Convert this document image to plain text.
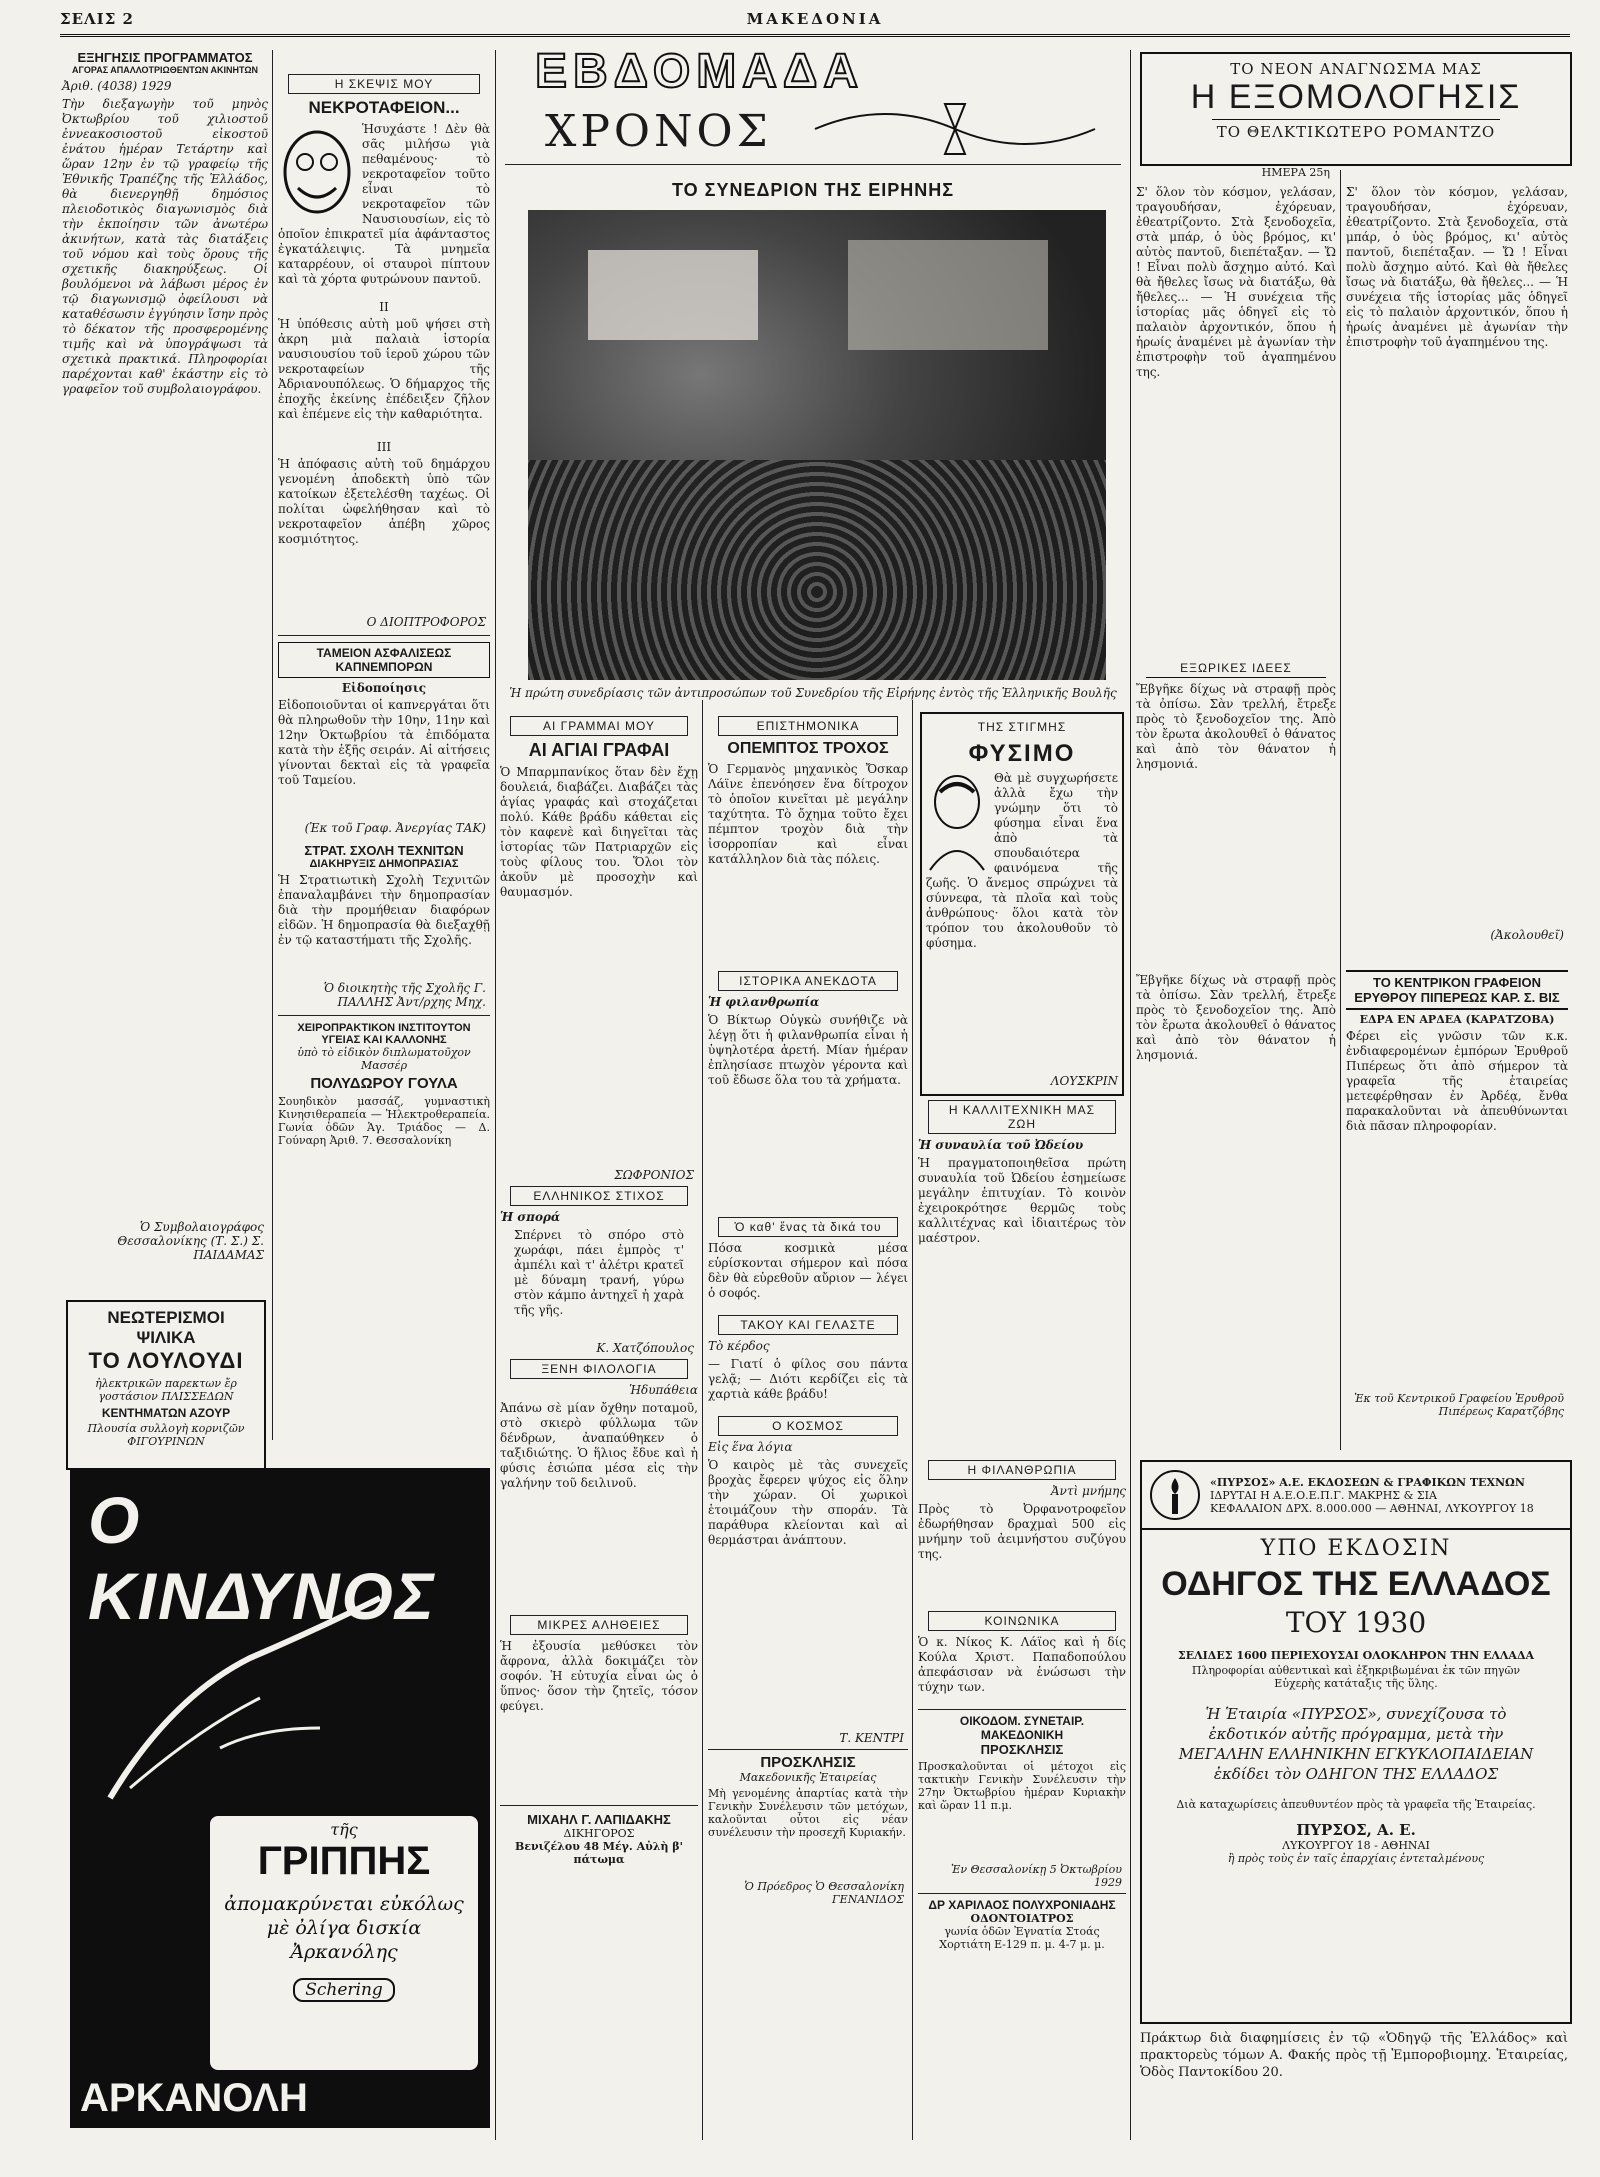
ΣΕΛΙΣ 2	ΜΑΚΕΔΟΝΙΑ
ΕΞΗΓΗΣΙΣ ΠΡΟΓΡΑΜΜΑΤΟΣ
ΑΓΟΡΑΣ ΑΠΑΛΛΟΤΡΙΩΘΕΝΤΩΝ ΑΚΙΝΗΤΩΝ
Ἀριθ. (4038) 1929
Τὴν διεξαγωγὴν τοῦ μηνὸς Ὀκτωβρίου τοῦ χιλιοστοῦ ἐννεακοσιοστοῦ εἰκοστοῦ ἐνάτου ἡμέραν Τετάρτην καὶ ὥραν 12ην ἐν τῷ γραφείῳ τῆς Ἐθνικῆς Τραπέζης τῆς Ἑλλάδος, θὰ διενεργηθῇ δημόσιος πλειοδοτικὸς διαγωνισμὸς διὰ τὴν ἐκποίησιν τῶν ἀνωτέρω ἀκινήτων, κατὰ τὰς διατάξεις τοῦ νόμου καὶ τοὺς ὅρους τῆς σχετικῆς διακηρύξεως. Οἱ βουλόμενοι νὰ λάβωσι μέρος ἐν τῷ διαγωνισμῷ ὀφείλουσι νὰ καταθέσωσιν ἐγγύησιν ἴσην πρὸς τὸ δέκατον τῆς προσφερομένης τιμῆς καὶ νὰ ὑπογράψωσι τὰ σχετικὰ πρακτικά. Πληροφορίαι παρέχονται καθ' ἑκάστην εἰς τὸ γραφεῖον τοῦ συμβολαιογράφου.
Ὁ Συμβολαιογράφος Θεσσαλονίκης (Τ. Σ.) Σ. ΠΑΙΔΑΜΑΣ
ΝΕΩΤΕΡΙΣΜΟΙ
ΨΙΛΙΚΑ
ΤΟ ΛΟΥΛΟΥΔΙ
ἠλεκτρικῶν παρεκτων ἔρ γοστάσιον ΠΛΙΣΣΕΔΩΝ
ΚΕΝΤΗΜΑΤΩΝ ΑΖΟΥΡ
Πλουσία συλλογὴ κορνιζῶν ΦΙΓΟΥΡΙΝΩΝ
Ο ΚΙΝΔΥΝΟΣ
τῆς
ΓΡΙΠΠΗΣ
ἀπομακρύνεται εὐκόλως μὲ ὀλίγα δισκία Ἀρκανόλης
Schering
ΑΡΚΑΝΟΛΗ
Η ΣΚΕΨΙΣ ΜΟΥ
ΝΕΚΡΟΤΑΦΕΙΟΝ...
Ἡσυχάστε ! Δὲν θὰ σᾶς μιλήσω γιὰ πεθαμένους· τὸ νεκροταφεῖον τοῦτο εἶναι τὸ νεκροταφεῖον τῶν Ναυσιουσίων, εἰς τὸ ὁποῖον ἐπικρατεῖ μία ἀφάνταστος ἐγκατάλειψις. Τὰ μνημεῖα καταρρέουν, οἱ σταυροὶ πίπτουν καὶ τὰ χόρτα φυτρώνουν παντοῦ.
II
Ἡ ὑπόθεσις αὐτὴ μοῦ ψήσει στὴ ἀκρη μιὰ παλαιὰ ἱστορία ναυσιουσίου τοῦ ἱεροῦ χώρου τῶν νεκροταφείων τῆς Ἀδριανουπόλεως. Ὁ δήμαρχος τῆς ἐποχῆς ἐκείνης ἐπέδειξεν ζῆλον καὶ ἐπέμενε εἰς τὴν καθαριότητα.
III
Ἡ ἀπόφασις αὐτὴ τοῦ δημάρχου γενομένη ἀποδεκτὴ ὑπὸ τῶν κατοίκων ἐξετελέσθη ταχέως. Οἱ πολίται ὠφελήθησαν καὶ τὸ νεκροταφεῖον ἀπέβη χῶρος κοσμιότητος.
Ο ΔΙΟΠΤΡΟΦΟΡΟΣ
ΤΑΜΕΙΟΝ ΑΣΦΑΛΙΣΕΩΣ ΚΑΠΝΕΜΠΟΡΩΝ
Εἰδοποίησις
Εἰδοποιοῦνται οἱ καπνεργάται ὅτι θὰ πληρωθοῦν τὴν 10ην, 11ην καὶ 12ην Ὀκτωβρίου τὰ ἐπιδόματα κατὰ τὴν ἑξῆς σειράν. Αἱ αἰτήσεις γίνονται δεκταὶ εἰς τὰ γραφεῖα τοῦ Ταμείου.
(Ἐκ τοῦ Γραφ. Ἀνεργίας ΤΑΚ)
ΣΤΡΑΤ. ΣΧΟΛΗ ΤΕΧΝΙΤΩΝ
ΔΙΑΚΗΡΥΞΙΣ ΔΗΜΟΠΡΑΣΙΑΣ
Ἡ Στρατιωτικὴ Σχολὴ Τεχνιτῶν ἐπαναλαμβάνει τὴν δημοπρασίαν διὰ τὴν προμήθειαν διαφόρων εἰδῶν. Ἡ δημοπρασία θὰ διεξαχθῇ ἐν τῷ καταστήματι τῆς Σχολῆς.
Ὁ διοικητὴς τῆς Σχολῆς Γ. ΠΑΛΛΗΣ Ἀντ/ρχης Μηχ.
ΧΕΙΡΟΠΡΑΚΤΙΚΟΝ ΙΝΣΤΙΤΟΥΤΟΝ ΥΓΕΙΑΣ ΚΑΙ ΚΑΛΛΟΝΗΣ
ὑπὸ τὸ εἰδικὸν διπλωματοῦχον Μασσέρ
ΠΟΛΥΔΩΡΟΥ ΓΟΥΛΑ
Σουηδικὸν μασσάζ, γυμναστικὴ Κινησιθεραπεία — Ἠλεκτροθεραπεία. Γωνία ὁδῶν Ἁγ. Τριάδος — Δ. Γούναρη Ἀριθ. 7. Θεσσαλονίκη
ΕΒΔΟΜΑΔΑ
ΧΡΟΝΟΣ
ΤΟ ΣΥΝΕΔΡΙΟΝ ΤΗΣ ΕΙΡΗΝΗΣ
Ἡ πρώτη συνεδρίασις τῶν ἀντιπροσώπων τοῦ Συνεδρίου τῆς Εἰρήνης ἐντὸς τῆς Ἑλληνικῆς Βουλῆς
ΑΙ ΓΡΑΜΜΑΙ ΜΟΥ
ΑΙ ΑΓΙΑΙ ΓΡΑΦΑΙ
Ὁ Μπαρμπανίκος ὅταν δὲν ἔχῃ δουλειά, διαβάζει. Διαβάζει τὰς ἁγίας γραφάς καὶ στοχάζεται πολύ. Κάθε βράδυ κάθεται εἰς τὸν καφενὲ καὶ διηγεῖται τὰς ἱστορίας τῶν Πατριαρχῶν εἰς τοὺς φίλους του. Ὅλοι τὸν ἀκοῦν μὲ προσοχὴν καὶ θαυμασμόν.
ΣΩΦΡΟΝΙΟΣ
ΕΛΛΗΝΙΚΟΣ ΣΤΙΧΟΣ
Ἡ σπορά
Σπέρνει τὸ σπόρο στὸ χωράφι, πάει ἐμπρὸς τ' ἀμπέλι καὶ τ' ἀλέτρι κρατεῖ μὲ δύναμη τρανή, γύρω στὸν κάμπο ἀντηχεῖ ἡ χαρὰ τῆς γῆς.
Κ. Χατζόπουλος
ΞΕΝΗ ΦΙΛΟΛΟΓΙΑ
Ἡδυπάθεια
Ἀπάνω σὲ μίαν ὄχθην ποταμοῦ, στὸ σκιερὸ φύλλωμα τῶν δένδρων, ἀναπαύθηκεν ὁ ταξιδιώτης. Ὁ ἥλιος ἔδυε καὶ ἡ φύσις ἐσιώπα μέσα εἰς τὴν γαλήνην τοῦ δειλινοῦ.
ΜΙΚΡΕΣ ΑΛΗΘΕΙΕΣ
Ἡ ἐξουσία μεθύσκει τὸν ἄφρονα, ἀλλὰ δοκιμάζει τὸν σοφόν. Ἡ εὐτυχία εἶναι ὡς ὁ ὕπνος· ὅσον τὴν ζητεῖς, τόσον φεύγει.
ΜΙΧΑΗΛ Γ. ΛΑΠΙΔΑΚΗΣ
ΔΙΚΗΓΟΡΟΣ
Βενιζέλου 48 Μέγ. Αὐλὴ β' πάτωμα
ΕΠΙΣΤΗΜΟΝΙΚΑ
ΟΠΕΜΠΤΟΣ ΤΡΟΧΟΣ
Ὁ Γερμανὸς μηχανικὸς Ὄσκαρ Λάϊνε ἐπενόησεν ἕνα δίτροχον τὸ ὁποῖον κινεῖται μὲ μεγάλην ταχύτητα. Τὸ ὄχημα τοῦτο ἔχει πέμπτον τροχὸν διὰ τὴν ἰσορροπίαν καὶ εἶναι κατάλληλον διὰ τὰς πόλεις.
ΙΣΤΟΡΙΚΑ ΑΝΕΚΔΟΤΑ
Ἡ φιλανθρωπία
Ὁ Βίκτωρ Οὑγκὼ συνήθιζε νὰ λέγῃ ὅτι ἡ φιλανθρωπία εἶναι ἡ ὑψηλοτέρα ἀρετή. Μίαν ἡμέραν ἐπλησίασε πτωχὸν γέροντα καὶ τοῦ ἔδωσε ὅλα του τὰ χρήματα.
Ὁ καθ' ἕνας τὰ δικά του
Πόσα κοσμικὰ μέσα εὑρίσκονται σήμερον καὶ πόσα δὲν θὰ εὑρεθοῦν αὔριον — λέγει ὁ σοφός.
ΤΑΚΟΥ ΚΑΙ ΓΕΛΑΣΤΕ
Τὸ κέρδος
— Γιατί ὁ φίλος σου πάντα γελᾷ; — Διότι κερδίζει εἰς τὰ χαρτιὰ κάθε βράδυ!
Ο ΚΟΣΜΟΣ
Εἰς ἕνα λόγια
Ὁ καιρὸς μὲ τὰς συνεχεῖς βροχὰς ἔφερεν ψύχος εἰς ὅλην τὴν χώραν. Οἱ χωρικοὶ ἑτοιμάζουν τὴν σποράν. Τὰ παράθυρα κλείονται καὶ αἱ θερμάστραι ἀνάπτουν.
Τ. ΚΕΝΤΡΙ
ΠΡΟΣΚΛΗΣΙΣ
Μακεδονικῆς Ἑταιρείας
Μὴ γενομένης ἀπαρτίας κατὰ τὴν Γενικὴν Συνέλευσιν τῶν μετόχων, καλοῦνται οὗτοι εἰς νέαν συνέλευσιν τὴν προσεχῆ Κυριακήν.
Ὁ Πρόεδρος Ὁ Θεσσαλονίκη ΓΕΝΑΝΙΔΟΣ
ΤΗΣ ΣΤΙΓΜΗΣ
ΦΥΣΙΜΟ
Θὰ μὲ συγχωρήσετε ἀλλὰ ἔχω τὴν γνώμην ὅτι τὸ φύσημα εἶναι ἕνα ἀπὸ τὰ σπουδαιότερα φαινόμενα τῆς ζωῆς. Ὁ ἄνεμος σπρώχνει τὰ σύννεφα, τὰ πλοῖα καὶ τοὺς ἀνθρώπους· ὅλοι κατὰ τὸν τρόπον του ἀκολουθοῦν τὸ φύσημα.
ΛΟΥΣΚΡΙΝ
Η ΚΑΛΛΙΤΕΧΝΙΚΗ ΜΑΣ ΖΩΗ
Ἡ συναυλία τοῦ Ὠδείου
Ἡ πραγματοποιηθεῖσα πρώτη συναυλία τοῦ Ὠδείου ἐσημείωσε μεγάλην ἐπιτυχίαν. Τὸ κοινὸν ἐχειροκρότησε θερμῶς τοὺς καλλιτέχνας καὶ ἰδιαιτέρως τὸν μαέστρον.
Η ΦΙΛΑΝΘΡΩΠΙΑ
Ἀντὶ μνήμης
Πρὸς τὸ Ὀρφανοτροφεῖον ἐδωρήθησαν δραχμαὶ 500 εἰς μνήμην τοῦ ἀειμνήστου συζύγου της.
ΚΟΙΝΩΝΙΚΑ
Ὁ κ. Νίκος Κ. Λάϊος καὶ ἡ δίς Κούλα Χριστ. Παπαδοπούλου ἀπεφάσισαν νὰ ἑνώσωσι τὴν τύχην των.
ΟΙΚΟΔΟΜ. ΣΥΝΕΤΑΙΡ. ΜΑΚΕΔΟΝΙΚΗ
ΠΡΟΣΚΛΗΣΙΣ
Προσκαλοῦνται οἱ μέτοχοι εἰς τακτικὴν Γενικὴν Συνέλευσιν τὴν 27ην Ὀκτωβρίου ἡμέραν Κυριακὴν καὶ ὥραν 11 π.μ.
Ἐν Θεσσαλονίκῃ 5 Ὀκτωβρίου 1929
ΔΡ ΧΑΡΙΛΑΟΣ ΠΟΛΥΧΡΟΝΙΑΔΗΣ
ΟΔΟΝΤΟΙΑΤΡΟΣ
γωνία ὁδῶν Ἐγνατία Στοάς Χορτιάτη Ε-129 π. μ. 4-7 μ. μ.
ΤΟ ΝΕΟΝ ΑΝΑΓΝΩΣΜΑ ΜΑΣ
Η ΕΞΟΜΟΛΟΓΗΣΙΣ
ΤΟ ΘΕΛΚΤΙΚΩΤΕΡΟ ΡΟΜΑΝΤΖΟ
ΗΜΕΡΑ 25η
Σ' ὅλον τὸν κόσμον, γελάσαν, τραγουδήσαν, ἐχόρευαν, ἐθεατρίζοντο. Στὰ ξενοδοχεῖα, στὰ μπάρ, ὁ ὑὸς βρόμος, κι' αὐτὸς παντοῦ, διεπέταξαν. — Ὤ ! Εἶναι πολὺ ἄσχημο αὐτό. Καὶ θὰ ἤθελες ἴσως νὰ διατάξω, θὰ ἤθελες... — Ἡ συνέχεια τῆς ἱστορίας μᾶς ὁδηγεῖ εἰς τὸ παλαιὸν ἀρχοντικόν, ὅπου ἡ ἡρωίς ἀναμένει μὲ ἀγωνίαν τὴν ἐπιστροφὴν τοῦ ἀγαπημένου της.
ΕΞΩΡΙΚΕΣ ΙΔΕΕΣ
Ἔβγῆκε δίχως νὰ στραφῇ πρὸς τὰ ὀπίσω. Σὰν τρελλή, ἔτρεξε πρὸς τὸ ξενοδοχεῖον της. Ἀπὸ τὸν ἔρωτα ἀκολουθεῖ ὁ θάνατος καὶ ἀπὸ τὸν θάνατον ἡ λησμονιά.
Σ' ὅλον τὸν κόσμον, γελάσαν, τραγουδήσαν, ἐχόρευαν, ἐθεατρίζοντο. Στὰ ξενοδοχεῖα, στὰ μπάρ, ὁ ὑὸς βρόμος, κι' αὐτὸς παντοῦ, διεπέταξαν. — Ὤ ! Εἶναι πολὺ ἄσχημο αὐτό. Καὶ θὰ ἤθελες ἴσως νὰ διατάξω, θὰ ἤθελες... — Ἡ συνέχεια τῆς ἱστορίας μᾶς ὁδηγεῖ εἰς τὸ παλαιὸν ἀρχοντικόν, ὅπου ἡ ἡρωίς ἀναμένει μὲ ἀγωνίαν τὴν ἐπιστροφὴν τοῦ ἀγαπημένου της.
(Ἀκολουθεῖ)
ΤΟ ΚΕΝΤΡΙΚΟΝ ΓΡΑΦΕΙΟΝ ΕΡΥΘΡΟΥ ΠΙΠΕΡΕΩΣ ΚΑΡ. Σ. ΒΙΣ
ΕΔΡΑ ΕΝ ΑΡΔΕΑ (ΚΑΡΑΤΖΟΒΑ)
Φέρει εἰς γνῶσιν τῶν κ.κ. ἐνδιαφερομένων ἐμπόρων Ἐρυθροῦ Πιπέρεως ὅτι ἀπὸ σήμερον τὰ γραφεῖα τῆς ἑταιρείας μετεφέρθησαν ἐν Ἀρδέᾳ, ἔνθα παρακαλοῦνται νὰ ἀπευθύνωνται διὰ πᾶσαν πληροφορίαν.
Ἐκ τοῦ Κεντρικοῦ Γραφείου Ἐρυθροῦ Πιπέρεως Καρατζόβης
Ἔβγῆκε δίχως νὰ στραφῇ πρὸς τὰ ὀπίσω. Σὰν τρελλή, ἔτρεξε πρὸς τὸ ξενοδοχεῖον της. Ἀπὸ τὸν ἔρωτα ἀκολουθεῖ ὁ θάνατος καὶ ἀπὸ τὸν θάνατον ἡ λησμονιά.
«ΠΥΡΣΟΣ» Α.Ε. ΕΚΔΟΣΕΩΝ & ΓΡΑΦΙΚΩΝ ΤΕΧΝΩΝ
ΙΔΡΥΤΑΙ Η Α.Ε.Ο.Ε.Π.Γ. ΜΑΚΡΗΣ & ΣΙΑ
ΚΕΦΑΛΑΙΟΝ ΔΡΧ. 8.000.000 — ΑΘΗΝΑΙ, ΛΥΚΟΥΡΓΟΥ 18
ΥΠΟ ΕΚΔΟΣΙΝ
ΟΔΗΓΟΣ ΤΗΣ ΕΛΛΑΔΟΣ
ΤΟΥ 1930
ΣΕΛΙΔΕΣ 1600 ΠΕΡΙΕΧΟΥΣΑΙ ΟΛΟΚΛΗΡΟΝ ΤΗΝ ΕΛΛΑΔΑ
Πληροφορίαι αὐθεντικαὶ καὶ ἐξηκριβωμέναι ἐκ τῶν πηγῶν Εὐχερὴς κατάταξις τῆς ὕλης.
Ἡ Ἑταιρία «ΠΥΡΣΟΣ», συνεχίζουσα τὸ ἐκδοτικόν αὐτῆς πρόγραμμα, μετὰ τὴν ΜΕΓΑΛΗΝ ΕΛΛΗΝΙΚΗΝ ΕΓΚΥΚΛΟΠΑΙΔΕΙΑΝ ἐκδίδει τὸν ΟΔΗΓΟΝ ΤΗΣ ΕΛΛΑΔΟΣ
Διὰ καταχωρίσεις ἀπευθυντέον πρὸς τὰ γραφεῖα τῆς Ἑταιρείας.
ΠΥΡΣΟΣ, Α. Ε.
ΛΥΚΟΥΡΓΟΥ 18 - ΑΘΗΝΑΙ
ἢ πρὸς τοὺς ἐν ταῖς ἐπαρχίαις ἐντεταλμένους
Πράκτωρ διὰ διαφημίσεις ἐν τῷ «Ὁδηγῷ τῆς Ἑλλάδος» καὶ πρακτορεὺς τόμων Α. Φακής πρὸς τῇ Ἐμποροβιομηχ. Ἑταιρείας, Ὁδὸς Παντοκίδου 20.
